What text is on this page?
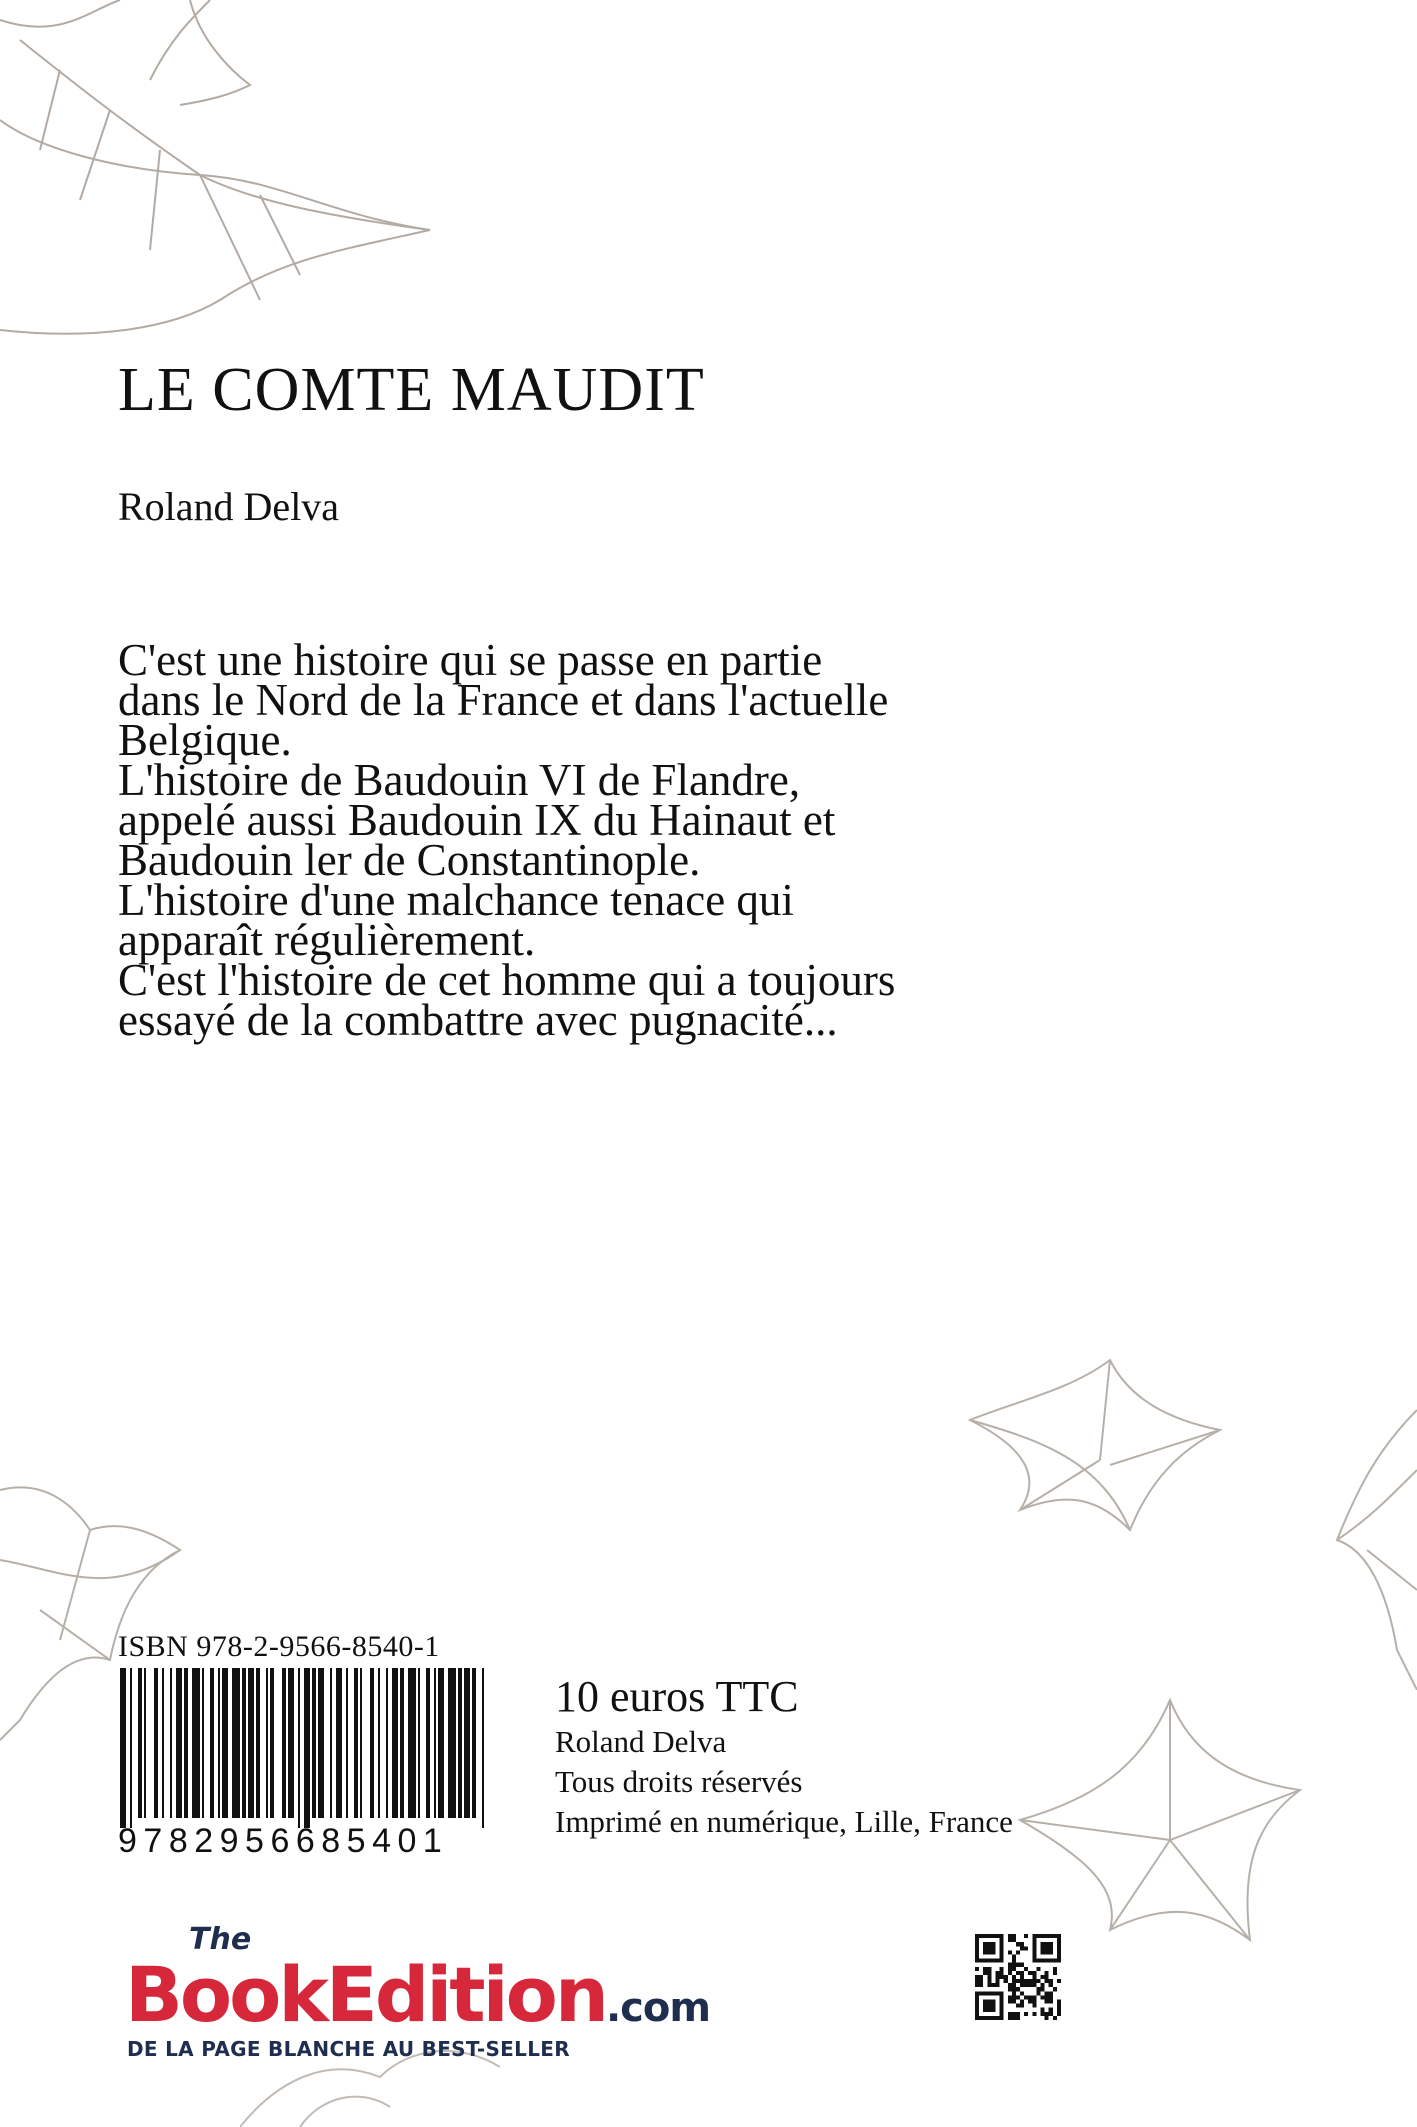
LE COMTE MAUDIT
Roland Delva
C'est une histoire qui se passe en partie
dans le Nord de la France et dans l'actuelle
Belgique.
L'histoire de Baudouin VI de Flandre,
appelé aussi Baudouin IX du Hainaut et
Baudouin ler de Constantinople.
L'histoire d'une malchance tenace qui
apparaît régulièrement.
C'est l'histoire de cet homme qui a toujours
essayé de la combattre avec pugnacité...
ISBN 978-2-9566-8540-1
9782956685401
10 euros TTC
Roland Delva
Tous droits réservés
Imprimé en numérique, Lille, France
The
BookEdition.com
DE LA PAGE BLANCHE AU BEST-SELLER
